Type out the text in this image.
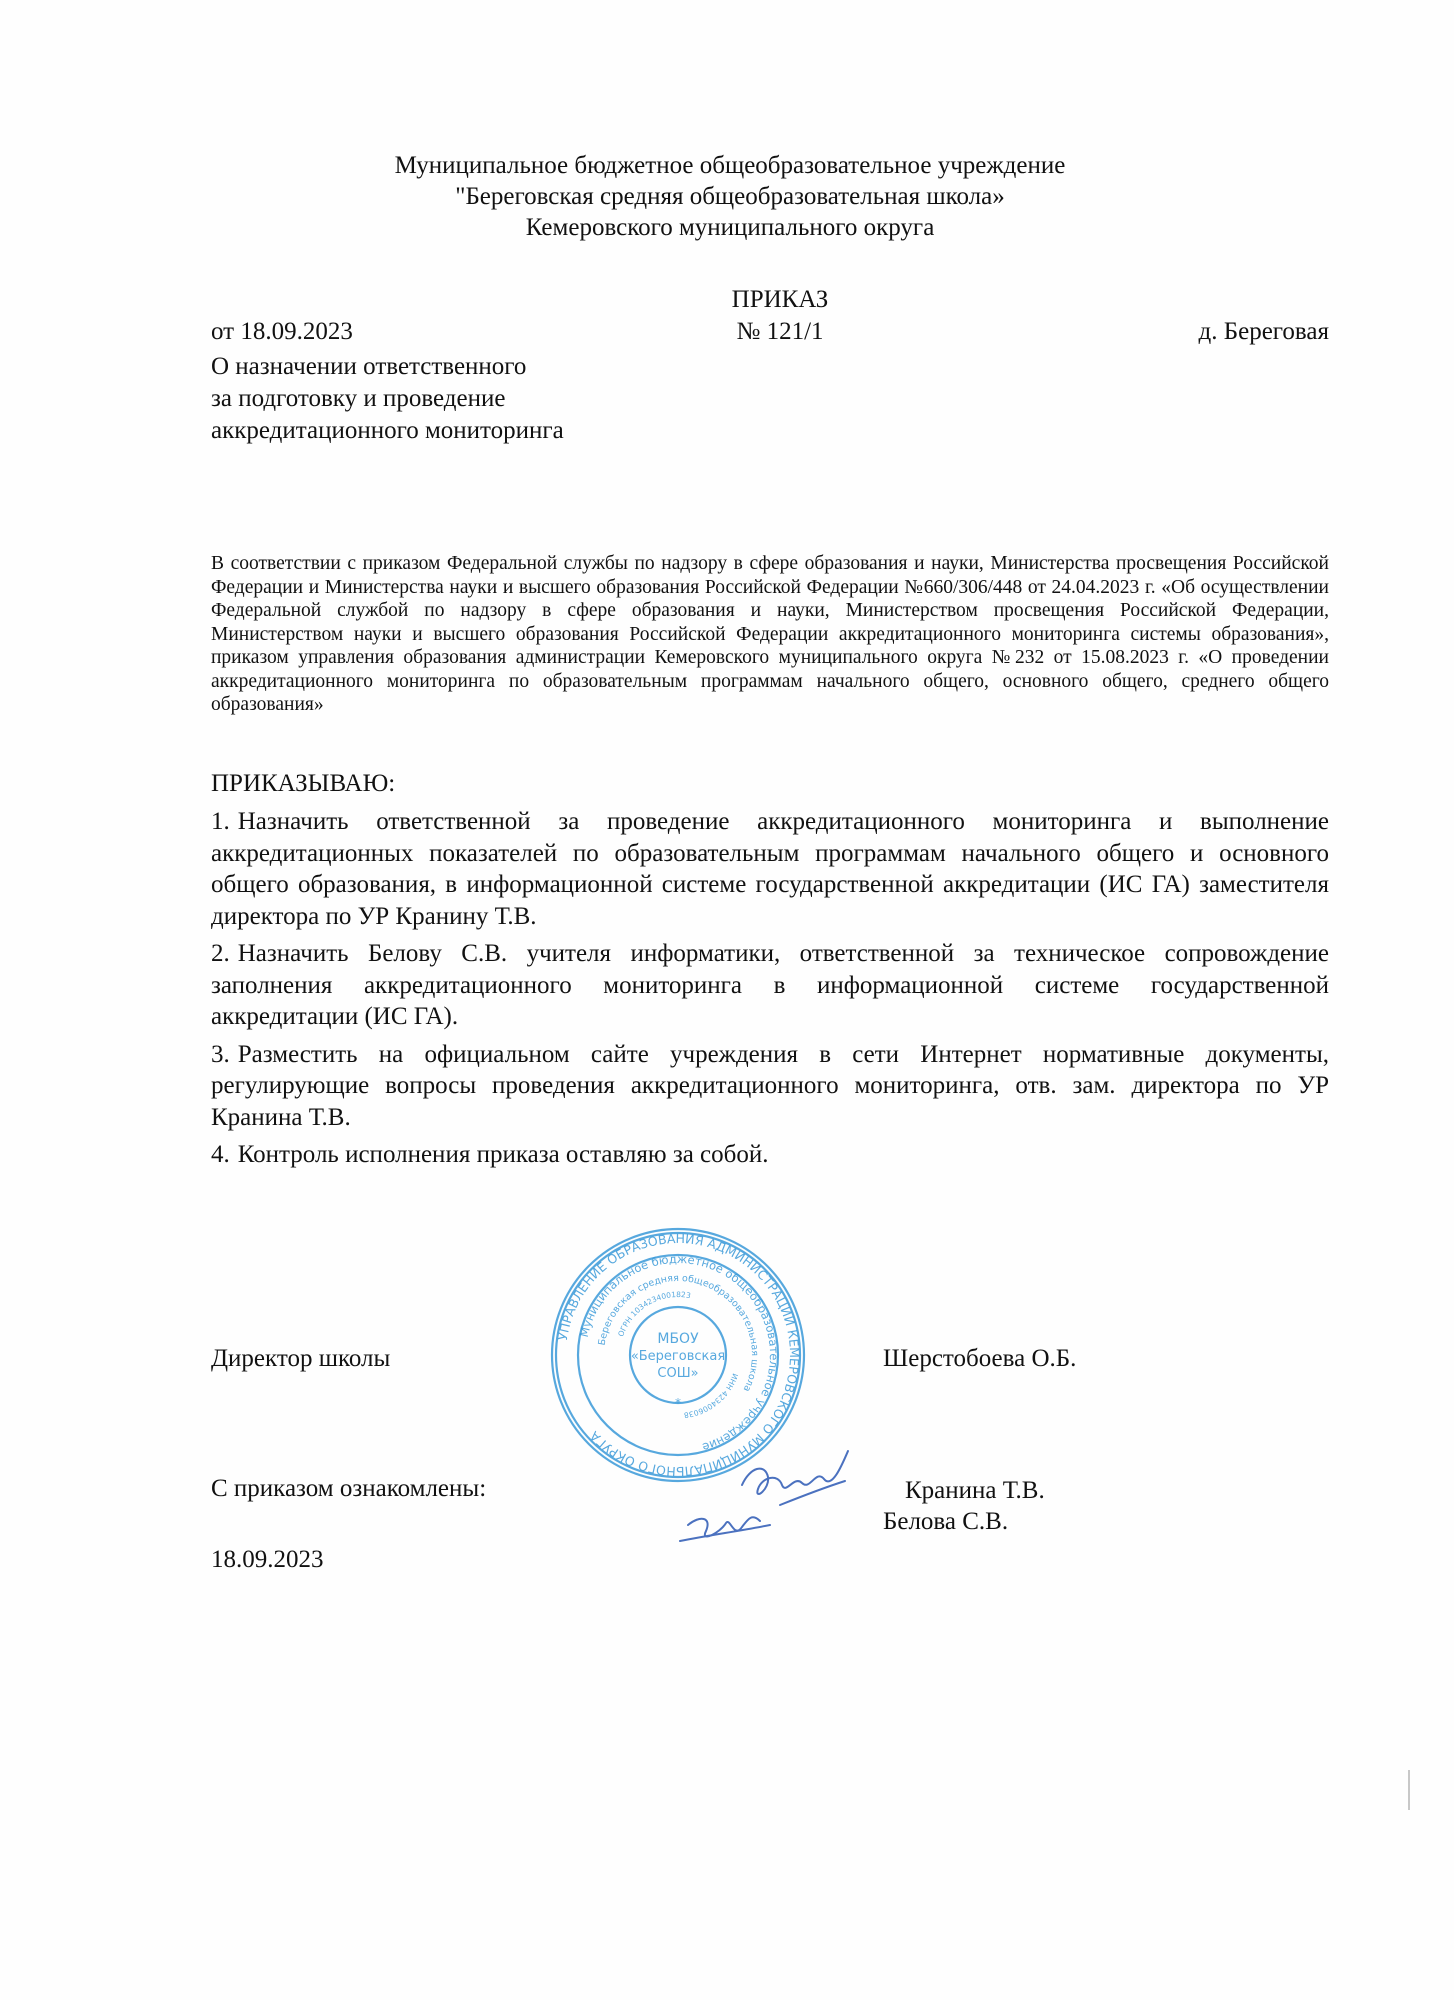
Муниципальное бюджетное общеобразовательное учреждение
"Береговская средняя общеобразовательная школа»
Кемеровского муниципального округа
ПРИКАЗ
от 18.09.2023	№ 121/1	д. Береговая
О назначении ответственного
за подготовку и проведение
аккредитационного мониторинга
В соответствии с приказом Федеральной службы по надзору в сфере образования и науки, Министерства просвещения Российской Федерации и Министерства науки и высшего образования Российской Федерации №660/306/448 от 24.04.2023 г. «Об осуществлении Федеральной службой по надзору в сфере образования и науки, Министерством просвещения Российской Федерации, Министерством науки и высшего образования Российской Федерации аккредитационного мониторинга системы образования», приказом управления образования администрации Кемеровского муниципального округа №232 от 15.08.2023 г. «О проведении аккредитационного мониторинга по образовательным программам начального общего, основного общего, среднего общего образования»
ПРИКАЗЫВАЮ:
1. Назначить ответственной за проведение аккредитационного мониторинга и выполнение аккредитационных показателей по образовательным программам начального общего и основного общего образования, в информационной системе государственной аккредитации (ИС ГА) заместителя директора по УР Кранину Т.В.
2. Назначить Белову С.В. учителя информатики, ответственной за техническое сопровождение заполнения аккредитационного мониторинга в информационной системе государственной аккредитации (ИС ГА).
3. Разместить на официальном сайте учреждения в сети Интернет нормативные документы, регулирующие вопросы проведения аккредитационного мониторинга, отв. зам. директора по УР Кранина Т.В.
4. Контроль исполнения приказа оставляю за собой.
Директор школы	Шерстобоева О.Б.
УПРАВЛЕНИЕ ОБРАЗОВАНИЯ АДМИНИСТРАЦИИ КЕМЕРОВСКОГО МУНИЦИПАЛЬНОГО ОКРУГА
Муниципальное бюджетное общеобразовательное учреждение
Береговская средняя общеобразовательная школа
ОГРН 1034234001823
ИНН 4234006038
МБОУ
«Береговская
СОШ»
*
С приказом ознакомлены:	Кранина Т.В.
Белова С.В.
18.09.2023
